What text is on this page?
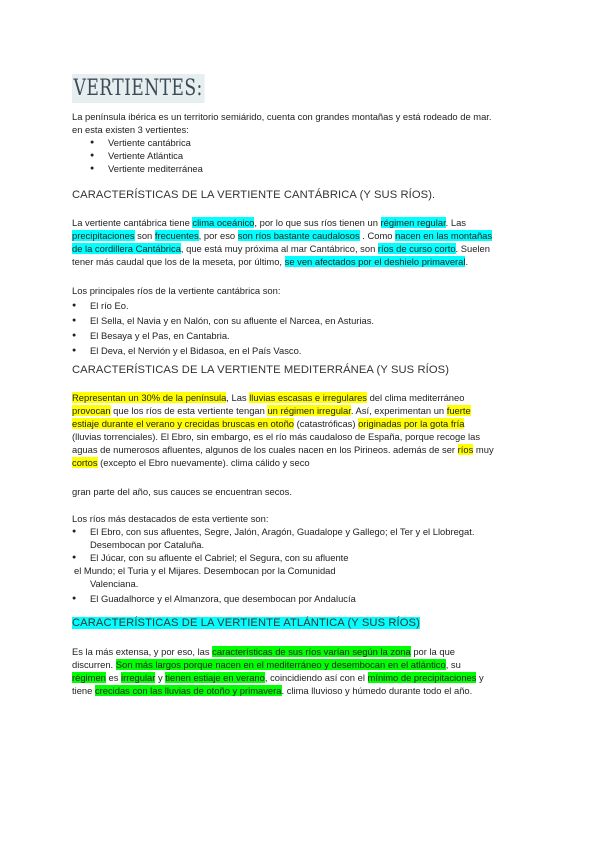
VERTIENTES:

La península ibérica es un territorio semiárido, cuenta con grandes montañas y está rodeado de mar.

en esta existen 3 vertientes:

● Vertiente cantábrica
● Vertiente Atlántica
● Vertiente mediterránea
CARACTERÍSTICAS DE LA VERTIENTE CANTÁBRICA (Y SUS RÍOS).

La vertiente cantábrica tiene clima oceánico, por lo que sus ríos tienen un régimen regular. Las

precipitaciones son frecuentes, por eso son ríos bastante caudalosos . Como nacen en las montañas

de la cordillera Cantábrica, que está muy próxima al mar Cantábrico, son ríos de curso corto. Suelen

tener más caudal que los de la meseta, por último, se ven afectados por el deshielo primaveral.

Los principales ríos de la vertiente cantábrica son:

● El río Eo.
● El Sella, el Navia y en Nalón, con su afluente el Narcea, en Asturias.
● El Besaya y el Pas, en Cantabria.
● El Deva, el Nervión y el Bidasoa, en el País Vasco.
CARACTERÍSTICAS DE LA VERTIENTE MEDITERRÁNEA (Y SUS RÍOS)

Representan un 30% de la península, Las lluvias escasas e irregulares del clima mediterráneo

provocan que los ríos de esta vertiente tengan un régimen irregular. Así, experimentan un fuerte

estiaje durante el verano y crecidas bruscas en otoño (catastróficas) originadas por la gota fría

(lluvias torrenciales). El Ebro, sin embargo, es el río más caudaloso de España, porque recoge las

aguas de numerosos afluentes, algunos de los cuales nacen en los Pirineos. además de ser ríos muy

cortos (excepto el Ebro nuevamente). clima cálido y seco

gran parte del año, sus cauces se encuentran secos.

Los ríos más destacados de esta vertiente son:

● El Ebro, con sus afluentes, Segre, Jalón, Aragón, Guadalope y Gallego; el Ter y el Llobregat.
Desembocan por Cataluña.
● El Júcar, con su afluente el Cabriel; el Segura, con su afluente

el Mundo; el Turia y el Mijares. Desembocan por la Comunidad

Valenciana.

● El Guadalhorce y el Almanzora, que desembocan por Andalucía
CARACTERÍSTICAS DE LA VERTIENTE ATLÁNTICA (Y SUS RÍOS)

Es la más extensa, y por eso, las características de sus ríos varían según la zona por la que

discurren. Son más largos porque nacen en el mediterráneo y desembocan en el atlántico, su

régimen es irregular y tienen estiaje en verano, coincidiendo así con el mínimo de precipitaciones y

tiene crecidas con las lluvias de otoño y primavera. clima lluvioso y húmedo durante todo el año.
